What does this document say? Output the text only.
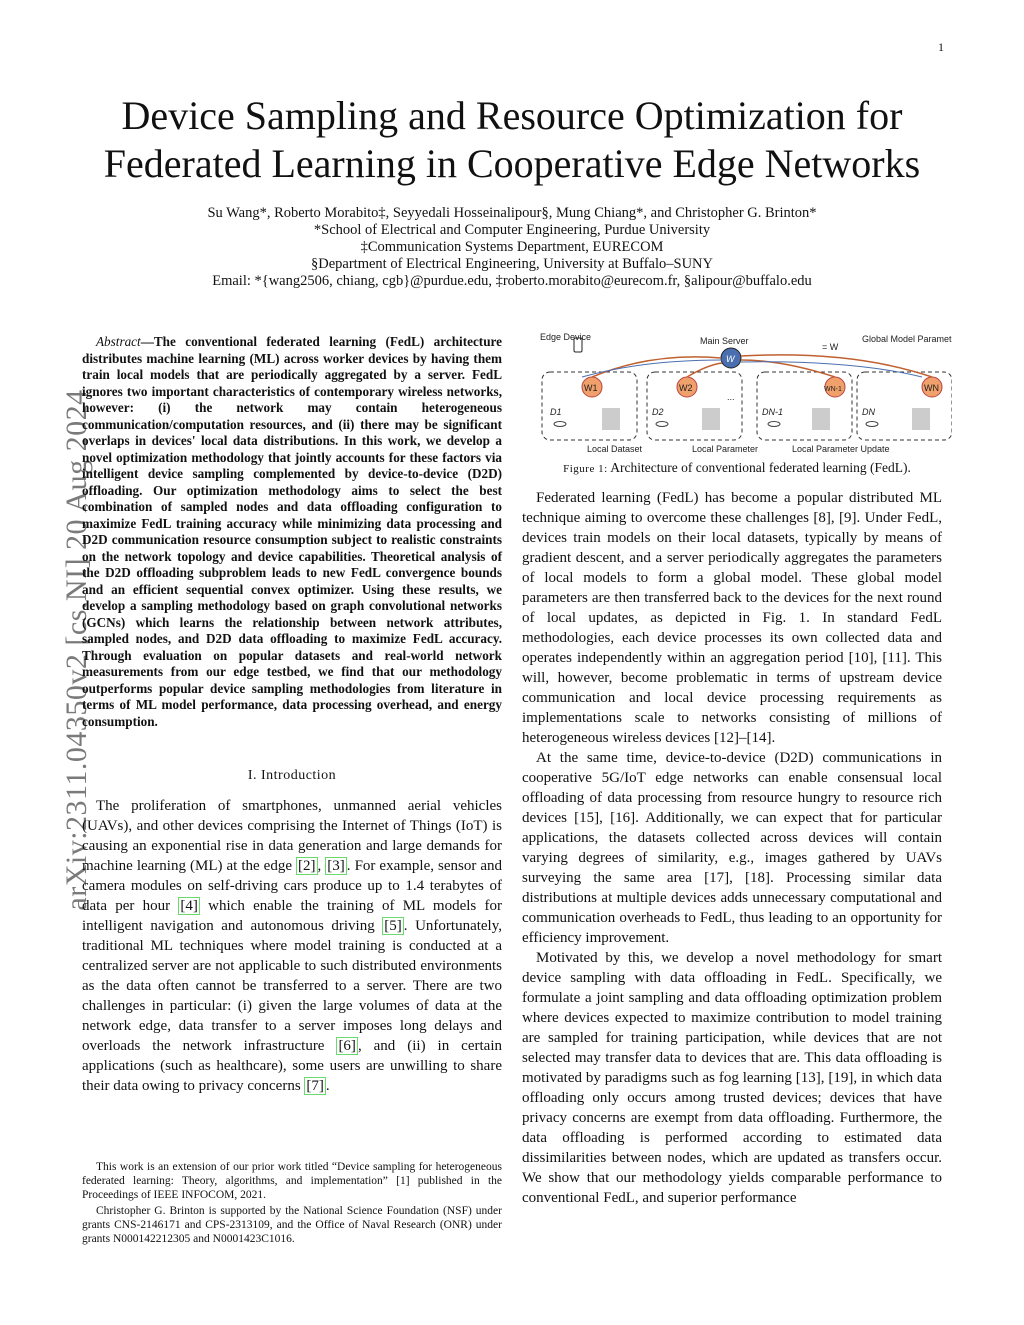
1
arXiv:2311.04350v2 [cs.NI] 20 Aug 2024
Device Sampling and Resource Optimization for
Federated Learning in Cooperative Edge Networks
Su Wang*, Roberto Morabito‡, Seyyedali Hosseinalipour§, Mung Chiang*, and Christopher G. Brinton*
*School of Electrical and Computer Engineering, Purdue University
‡Communication Systems Department, EURECOM
§Department of Electrical Engineering, University at Buffalo–SUNY
Email: *{wang2506, chiang, cgb}@purdue.edu, ‡roberto.morabito@eurecom.fr, §alipour@buffalo.edu

Abstract—The conventional federated learning (FedL) architecture distributes machine learning (ML) across worker devices by having them train local models that are periodically aggregated by a server. FedL ignores two important characteristics of contemporary wireless networks, however: (i) the network may contain heterogeneous communication/computation resources, and (ii) there may be significant overlaps in devices' local data distributions. In this work, we develop a novel optimization methodology that jointly accounts for these factors via intelligent device sampling complemented by device-to-device (D2D) offloading. Our optimization methodology aims to select the best combination of sampled nodes and data offloading configuration to maximize FedL training accuracy while minimizing data processing and D2D communication resource consumption subject to realistic constraints on the network topology and device capabilities. Theoretical analysis of the D2D offloading subproblem leads to new FedL convergence bounds and an efficient sequential convex optimizer. Using these results, we develop a sampling methodology based on graph convolutional networks (GCNs) which learns the relationship between network attributes, sampled nodes, and D2D data offloading to maximize FedL accuracy. Through evaluation on popular datasets and real-world network measurements from our edge testbed, we find that our methodology outperforms popular device sampling methodologies from literature in terms of ML model performance, data processing overhead, and energy consumption.

I. Introduction

The proliferation of smartphones, unmanned aerial vehicles (UAVs), and other devices comprising the Internet of Things (IoT) is causing an exponential rise in data generation and large demands for machine learning (ML) at the edge [2] , [3] . For example, sensor and camera modules on self-driving cars produce up to 1.4 terabytes of data per hour [4] which enable the training of ML models for intelligent navigation and autonomous driving [5] . Unfortunately, traditional ML techniques where model training is conducted at a centralized server are not applicable to such distributed environments as the data often cannot be transferred to a server. There are two challenges in particular: (i) given the large volumes of data at the network edge, data transfer to a server imposes long delays and overloads the network infrastructure [6] , and (ii) in certain applications (such as healthcare), some users are unwilling to share their data owing to privacy concerns [7] .

This work is an extension of our prior work titled “Device sampling for heterogeneous federated learning: Theory, algorithms, and implementation” [1] published in the Proceedings of IEEE INFOCOM, 2021.

Christopher G. Brinton is supported by the National Science Foundation (NSF) under grants CNS-2146171 and CPS-2313109, and the Office of Naval Research (ONR) under grants N000142212305 and N0001423C1016.

Edge Device	Main Server
W
= W
Global Model Parameter
W1	W2	WN-1	WN
...
D1	D2	DN-1	DN
Local Dataset	Local Parameter	Local Parameter Update
Figure 1: Architecture of conventional federated learning (FedL).

Federated learning (FedL) has become a popular distributed ML technique aiming to overcome these challenges [8], [9]. Under FedL, devices train models on their local datasets, typically by means of gradient descent, and a server periodically aggregates the parameters of local models to form a global model. These global model parameters are then transferred back to the devices for the next round of local updates, as depicted in Fig. 1. In standard FedL methodologies, each device processes its own collected data and operates independently within an aggregation period [10], [11]. This will, however, become problematic in terms of upstream device communication and local device processing requirements as implementations scale to networks consisting of millions of heterogeneous wireless devices [12]–[14].

At the same time, device-to-device (D2D) communications in cooperative 5G/IoT edge networks can enable consensual local offloading of data processing from resource hungry to resource rich devices [15], [16]. Additionally, we can expect that for particular applications, the datasets collected across devices will contain varying degrees of similarity, e.g., images gathered by UAVs surveying the same area [17], [18]. Processing similar data distributions at multiple devices adds unnecessary computational and communication overheads to FedL, thus leading to an opportunity for efficiency improvement.

Motivated by this, we develop a novel methodology for smart device sampling with data offloading in FedL. Specifically, we formulate a joint sampling and data offloading optimization problem where devices expected to maximize contribution to model training are sampled for training participation, while devices that are not selected may transfer data to devices that are. This data offloading is motivated by paradigms such as fog learning [13], [19], in which data offloading only occurs among trusted devices; devices that have privacy concerns are exempt from data offloading. Furthermore, the data offloading is performed according to estimated data dissimilarities between nodes, which are updated as transfers occur. We show that our methodology yields comparable performance to conventional FedL, and superior performance
